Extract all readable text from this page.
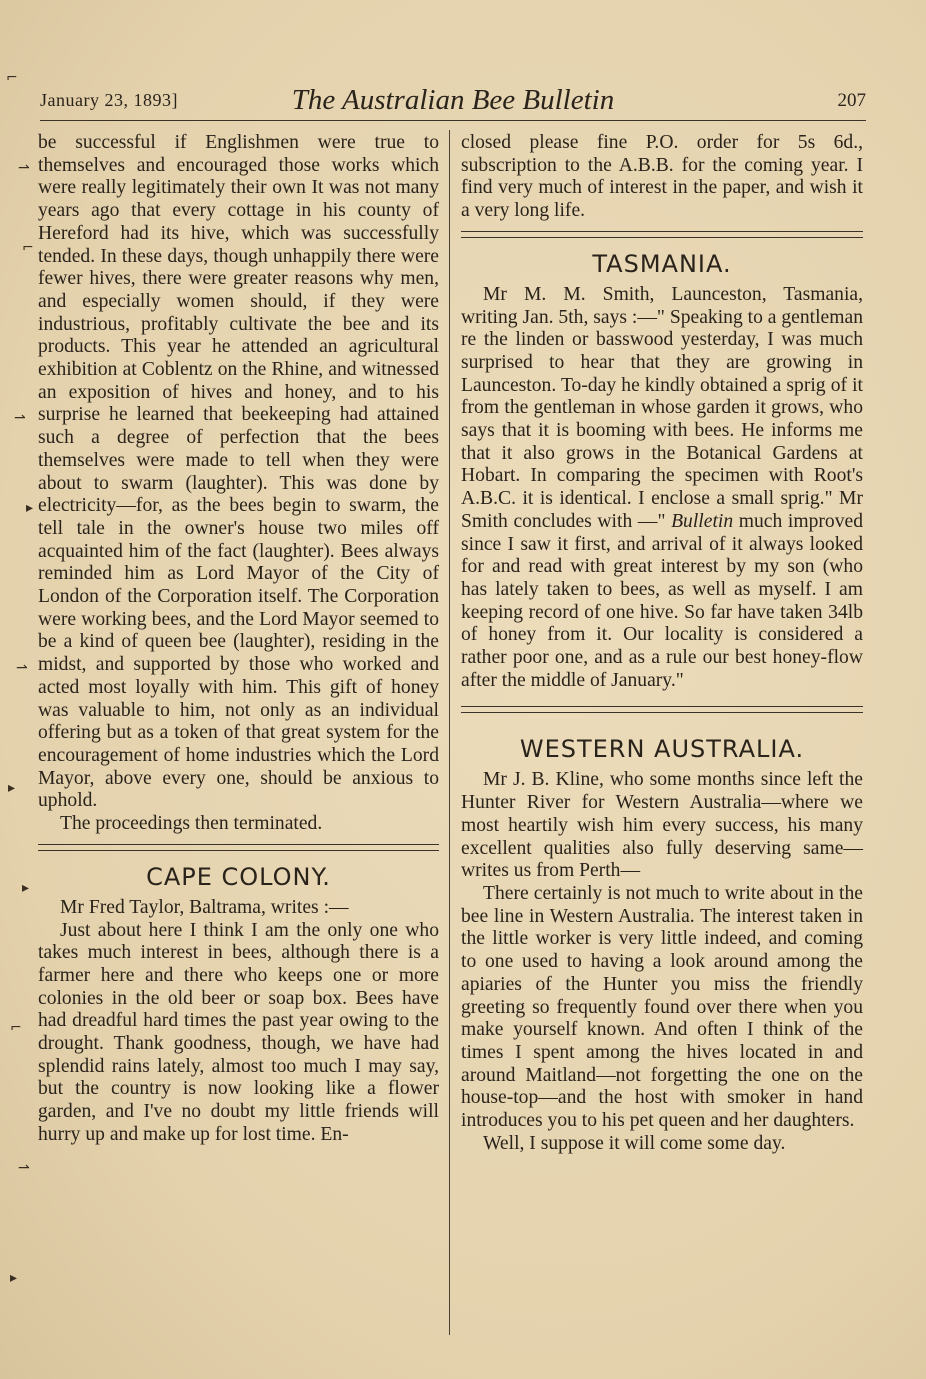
⌐
⇀
⌐
⇀
▸
⇀
▸
▸
⌐
⇀
▸
January 23, 1893]	The Australian Bee Bulletin	207

be successful if Englishmen were true to themselves and encouraged those works which were really legitimately their own It was not many years ago that every cottage in his county of Hereford had its hive, which was successfully tended. In these days, though unhappily there were fewer hives, there were greater reasons why men, and especially women should, if they were industrious, profitably cultivate the bee and its products. This year he attended an agricultural exhibition at Coblentz on the Rhine, and witnessed an exposition of hives and honey, and to his surprise he learned that beekeeping had attained such a degree of perfection that the bees themselves were made to tell when they were about to swarm (laughter). This was done by electricity—for, as the bees begin to swarm, the tell tale in the owner's house two miles off acquainted him of the fact (laughter). Bees always reminded him as Lord Mayor of the City of London of the Corporation itself. The Corporation were working bees, and the Lord Mayor seemed to be a kind of queen bee (laughter), residing in the midst, and supported by those who worked and acted most loyally with him. This gift of honey was valuable to him, not only as an individual offering but as a token of that great system for the encouragement of home industries which the Lord Mayor, above every one, should be anxious to uphold.

The proceedings then terminated.

CAPE COLONY.

Mr Fred Taylor, Baltrama, writes :—

Just about here I think I am the only one who takes much interest in bees, although there is a farmer here and there who keeps one or more colonies in the old beer or soap box. Bees have had dreadful hard times the past year owing to the drought. Thank goodness, though, we have had splendid rains lately, almost too much I may say, but the country is now looking like a flower garden, and I've no doubt my little friends will hurry up and make up for lost time. En-

closed please fine P.O. order for 5s 6d., subscription to the A.B.B. for the coming year. I find very much of interest in the paper, and wish it a very long life.

TASMANIA.

Mr M. M. Smith, Launceston, Tasmania, writing Jan. 5th, says :—" Speaking to a gentleman re the linden or basswood yesterday, I was much surprised to hear that they are growing in Launceston. To-day he kindly obtained a sprig of it from the gentleman in whose garden it grows, who says that it is booming with bees. He informs me that it also grows in the Botanical Gardens at Hobart. In comparing the specimen with Root's A.B.C. it is identical. I enclose a small sprig." Mr Smith concludes with —" Bulletin much improved since I saw it first, and arrival of it always looked for and read with great interest by my son (who has lately taken to bees, as well as myself. I am keeping record of one hive. So far have taken 34lb of honey from it. Our locality is considered a rather poor one, and as a rule our best honey-flow after the middle of January."

WESTERN AUSTRALIA.

Mr J. B. Kline, who some months since left the Hunter River for Western Australia—where we most heartily wish him every success, his many excellent qualities also fully deserving same—writes us from Perth—

There certainly is not much to write about in the bee line in Western Australia. The interest taken in the little worker is very little indeed, and coming to one used to having a look around among the apiaries of the Hunter you miss the friendly greeting so frequently found over there when you make yourself known. And often I think of the times I spent among the hives located in and around Maitland—not forgetting the one on the house-top—and the host with smoker in hand introduces you to his pet queen and her daughters.

Well, I suppose it will come some day.
